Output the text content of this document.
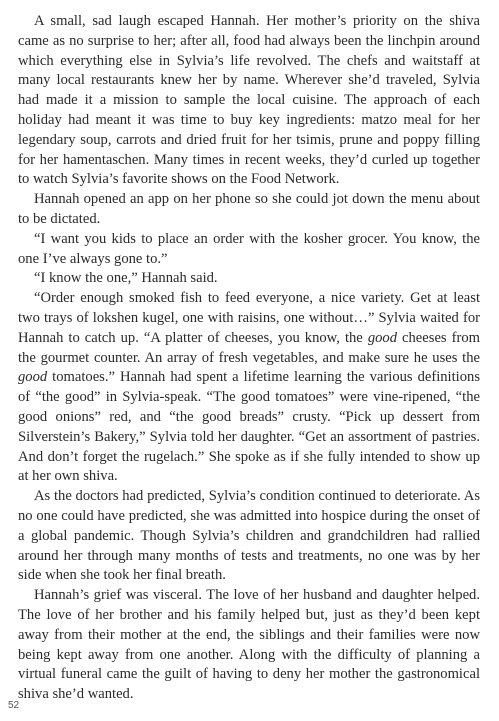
A small, sad laugh escaped Hannah. Her mother’s priority on the shiva came as no surprise to her; after all, food had always been the linchpin around which everything else in Sylvia’s life revolved. The chefs and waitstaff at many local restaurants knew her by name. Wherever she’d traveled, Sylvia had made it a mission to sample the local cuisine. The approach of each holiday had meant it was time to buy key ingredients: matzo meal for her legendary soup, carrots and dried fruit for her tsimis, prune and poppy filling for her hamentaschen. Many times in recent weeks, they’d curled up together to watch Sylvia’s favorite shows on the Food Network.

Hannah opened an app on her phone so she could jot down the menu about to be dictated.

“I want you kids to place an order with the kosher grocer. You know, the one I’ve always gone to.”

“I know the one,” Hannah said.

“Order enough smoked fish to feed everyone, a nice variety. Get at least two trays of lokshen kugel, one with raisins, one without…” Sylvia waited for Hannah to catch up. “A platter of cheeses, you know, the good cheeses from the gourmet counter. An array of fresh vegetables, and make sure he uses the good tomatoes.” Hannah had spent a lifetime learning the various definitions of “the good” in Sylvia-speak. “The good tomatoes” were vine-ripened, “the good onions” red, and “the good breads” crusty. “Pick up dessert from Silverstein’s Bakery,” Sylvia told her daughter. “Get an assortment of pastries. And don’t forget the rugelach.” She spoke as if she fully intended to show up at her own shiva.

As the doctors had predicted, Sylvia’s condition continued to deteriorate. As no one could have predicted, she was admitted into hospice during the onset of a global pandemic. Though Sylvia’s children and grandchildren had rallied around her through many months of tests and treatments, no one was by her side when she took her final breath.

Hannah’s grief was visceral. The love of her husband and daughter helped. The love of her brother and his family helped but, just as they’d been kept away from their mother at the end, the siblings and their families were now being kept away from one another. Along with the difficulty of planning a virtual funeral came the guilt of having to deny her mother the gastronomical shiva she’d wanted.

52
